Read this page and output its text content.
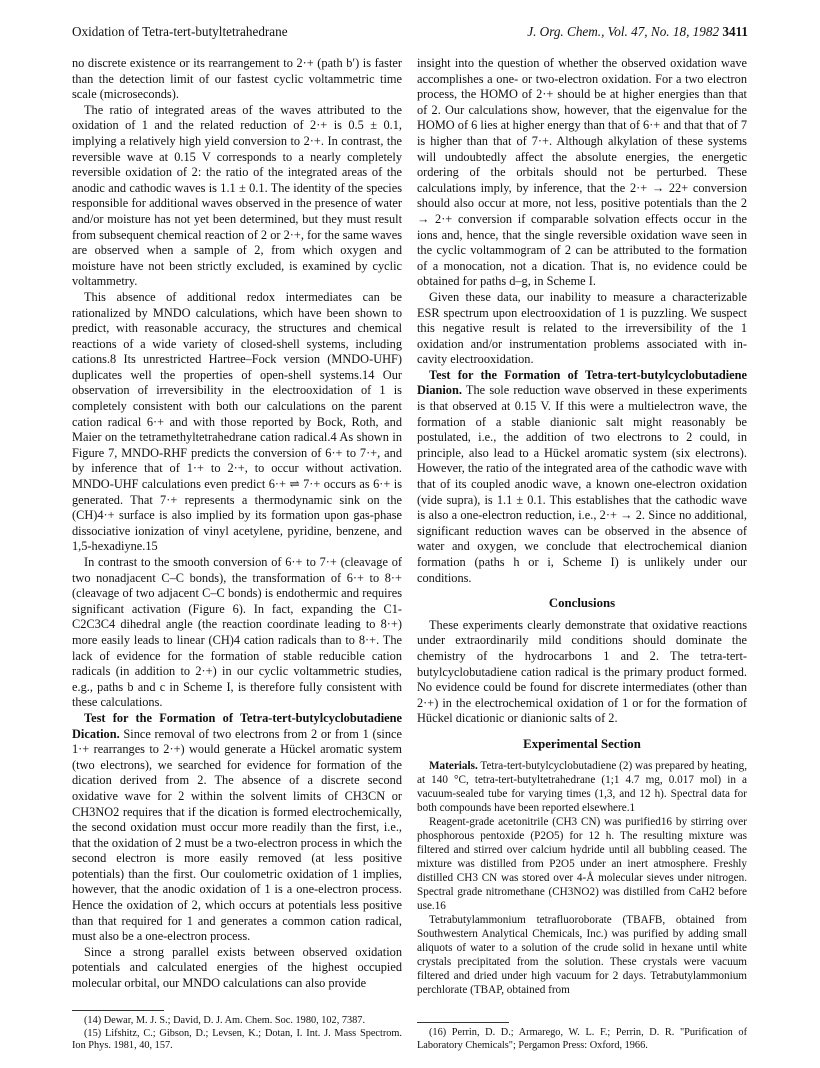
Oxidation of Tetra-tert-butyltetrahedrane	J. Org. Chem., Vol. 47, No. 18, 1982 3411

no discrete existence or its rearrangement to 2·+ (path b′) is faster than the detection limit of our fastest cyclic voltammetric time scale (microseconds).

The ratio of integrated areas of the waves attributed to the oxidation of 1 and the related reduction of 2·+ is 0.5 ± 0.1, implying a relatively high yield conversion to 2·+. In contrast, the reversible wave at 0.15 V corresponds to a nearly completely reversible oxidation of 2: the ratio of the integrated areas of the anodic and cathodic waves is 1.1 ± 0.1. The identity of the species responsible for additional waves observed in the presence of water and/or moisture has not yet been determined, but they must result from subsequent chemical reaction of 2 or 2·+, for the same waves are observed when a sample of 2, from which oxygen and moisture have not been strictly excluded, is examined by cyclic voltammetry.

This absence of additional redox intermediates can be rationalized by MNDO calculations, which have been shown to predict, with reasonable accuracy, the structures and chemical reactions of a wide variety of closed-shell systems, including cations.8 Its unrestricted Hartree–Fock version (MNDO-UHF) duplicates well the properties of open-shell systems.14 Our observation of irreversibility in the electrooxidation of 1 is completely consistent with both our calculations on the parent cation radical 6·+ and with those reported by Bock, Roth, and Maier on the tetramethyltetrahedrane cation radical.4 As shown in Figure 7, MNDO-RHF predicts the conversion of 6·+ to 7·+, and by inference that of 1·+ to 2·+, to occur without activation. MNDO-UHF calculations even predict 6·+ ⇌ 7·+ occurs as 6·+ is generated. That 7·+ represents a thermodynamic sink on the (CH)4·+ surface is also implied by its formation upon gas-phase dissociative ionization of vinyl acetylene, pyridine, benzene, and 1,5-hexadiyne.15

In contrast to the smooth conversion of 6·+ to 7·+ (cleavage of two nonadjacent C–C bonds), the transformation of 6·+ to 8·+ (cleavage of two adjacent C–C bonds) is endothermic and requires significant activation (Figure 6). In fact, expanding the C1-C2C3C4 dihedral angle (the reaction coordinate leading to 8·+) more easily leads to linear (CH)4 cation radicals than to 8·+. The lack of evidence for the formation of stable reducible cation radicals (in addition to 2·+) in our cyclic voltammetric studies, e.g., paths b and c in Scheme I, is therefore fully consistent with these calculations.

Test for the Formation of Tetra-tert-butylcyclobutadiene Dication. Since removal of two electrons from 2 or from 1 (since 1·+ rearranges to 2·+) would generate a Hückel aromatic system (two electrons), we searched for evidence for formation of the dication derived from 2. The absence of a discrete second oxidative wave for 2 within the solvent limits of CH3CN or CH3NO2 requires that if the dication is formed electrochemically, the second oxidation must occur more readily than the first, i.e., that the oxidation of 2 must be a two-electron process in which the second electron is more easily removed (at less positive potentials) than the first. Our coulometric oxidation of 1 implies, however, that the anodic oxidation of 1 is a one-electron process. Hence the oxidation of 2, which occurs at potentials less positive than that required for 1 and generates a common cation radical, must also be a one-electron process.

Since a strong parallel exists between observed oxidation potentials and calculated energies of the highest occupied molecular orbital, our MNDO calculations can also provide

insight into the question of whether the observed oxidation wave accomplishes a one- or two-electron oxidation. For a two electron process, the HOMO of 2·+ should be at higher energies than that of 2. Our calculations show, however, that the eigenvalue for the HOMO of 6 lies at higher energy than that of 6·+ and that that of 7 is higher than that of 7·+. Although alkylation of these systems will undoubtedly affect the absolute energies, the energetic ordering of the orbitals should not be perturbed. These calculations imply, by inference, that the 2·+ → 22+ conversion should also occur at more, not less, positive potentials than the 2 → 2·+ conversion if comparable solvation effects occur in the ions and, hence, that the single reversible oxidation wave seen in the cyclic voltammogram of 2 can be attributed to the formation of a monocation, not a dication. That is, no evidence could be obtained for paths d–g, in Scheme I.

Given these data, our inability to measure a characterizable ESR spectrum upon electrooxidation of 1 is puzzling. We suspect this negative result is related to the irreversibility of the 1 oxidation and/or instrumentation problems associated with in-cavity electrooxidation.

Test for the Formation of Tetra-tert-butylcyclobutadiene Dianion. The sole reduction wave observed in these experiments is that observed at 0.15 V. If this were a multielectron wave, the formation of a stable dianionic salt might reasonably be postulated, i.e., the addition of two electrons to 2 could, in principle, also lead to a Hückel aromatic system (six electrons). However, the ratio of the integrated area of the cathodic wave with that of its coupled anodic wave, a known one-electron oxidation (vide supra), is 1.1 ± 0.1. This establishes that the cathodic wave is also a one-electron reduction, i.e., 2·+ → 2. Since no additional, significant reduction waves can be observed in the absence of water and oxygen, we conclude that electrochemical dianion formation (paths h or i, Scheme I) is unlikely under our conditions.

Conclusions

These experiments clearly demonstrate that oxidative reactions under extraordinarily mild conditions should dominate the chemistry of the hydrocarbons 1 and 2. The tetra-tert-butylcyclobutadiene cation radical is the primary product formed. No evidence could be found for discrete intermediates (other than 2·+) in the electrochemical oxidation of 1 or for the formation of Hückel dicationic or dianionic salts of 2.

Experimental Section

Materials. Tetra-tert-butylcyclobutadiene (2) was prepared by heating, at 140 °C, tetra-tert-butyltetrahedrane (1;1 4.7 mg, 0.017 mol) in a vacuum-sealed tube for varying times (1,3, and 12 h). Spectral data for both compounds have been reported elsewhere.1

Reagent-grade acetonitrile (CH3 CN) was purified16 by stirring over phosphorous pentoxide (P2O5) for 12 h. The resulting mixture was filtered and stirred over calcium hydride until all bubbling ceased. The mixture was distilled from P2O5 under an inert atmosphere. Freshly distilled CH3 CN was stored over 4-Å molecular sieves under nitrogen. Spectral grade nitromethane (CH3NO2) was distilled from CaH2 before use.16

Tetrabutylammonium tetrafluoroborate (TBAFB, obtained from Southwestern Analytical Chemicals, Inc.) was purified by adding small aliquots of water to a solution of the crude solid in hexane until white crystals precipitated from the solution. These crystals were vacuum filtered and dried under high vacuum for 2 days. Tetrabutylammonium perchlorate (TBAP, obtained from

(14) Dewar, M. J. S.; David, D. J. Am. Chem. Soc. 1980, 102, 7387.

(15) Lifshitz, C.; Gibson, D.; Levsen, K.; Dotan, I. Int. J. Mass Spectrom. Ion Phys. 1981, 40, 157.

(16) Perrin, D. D.; Armarego, W. L. F.; Perrin, D. R. "Purification of Laboratory Chemicals"; Pergamon Press: Oxford, 1966.
